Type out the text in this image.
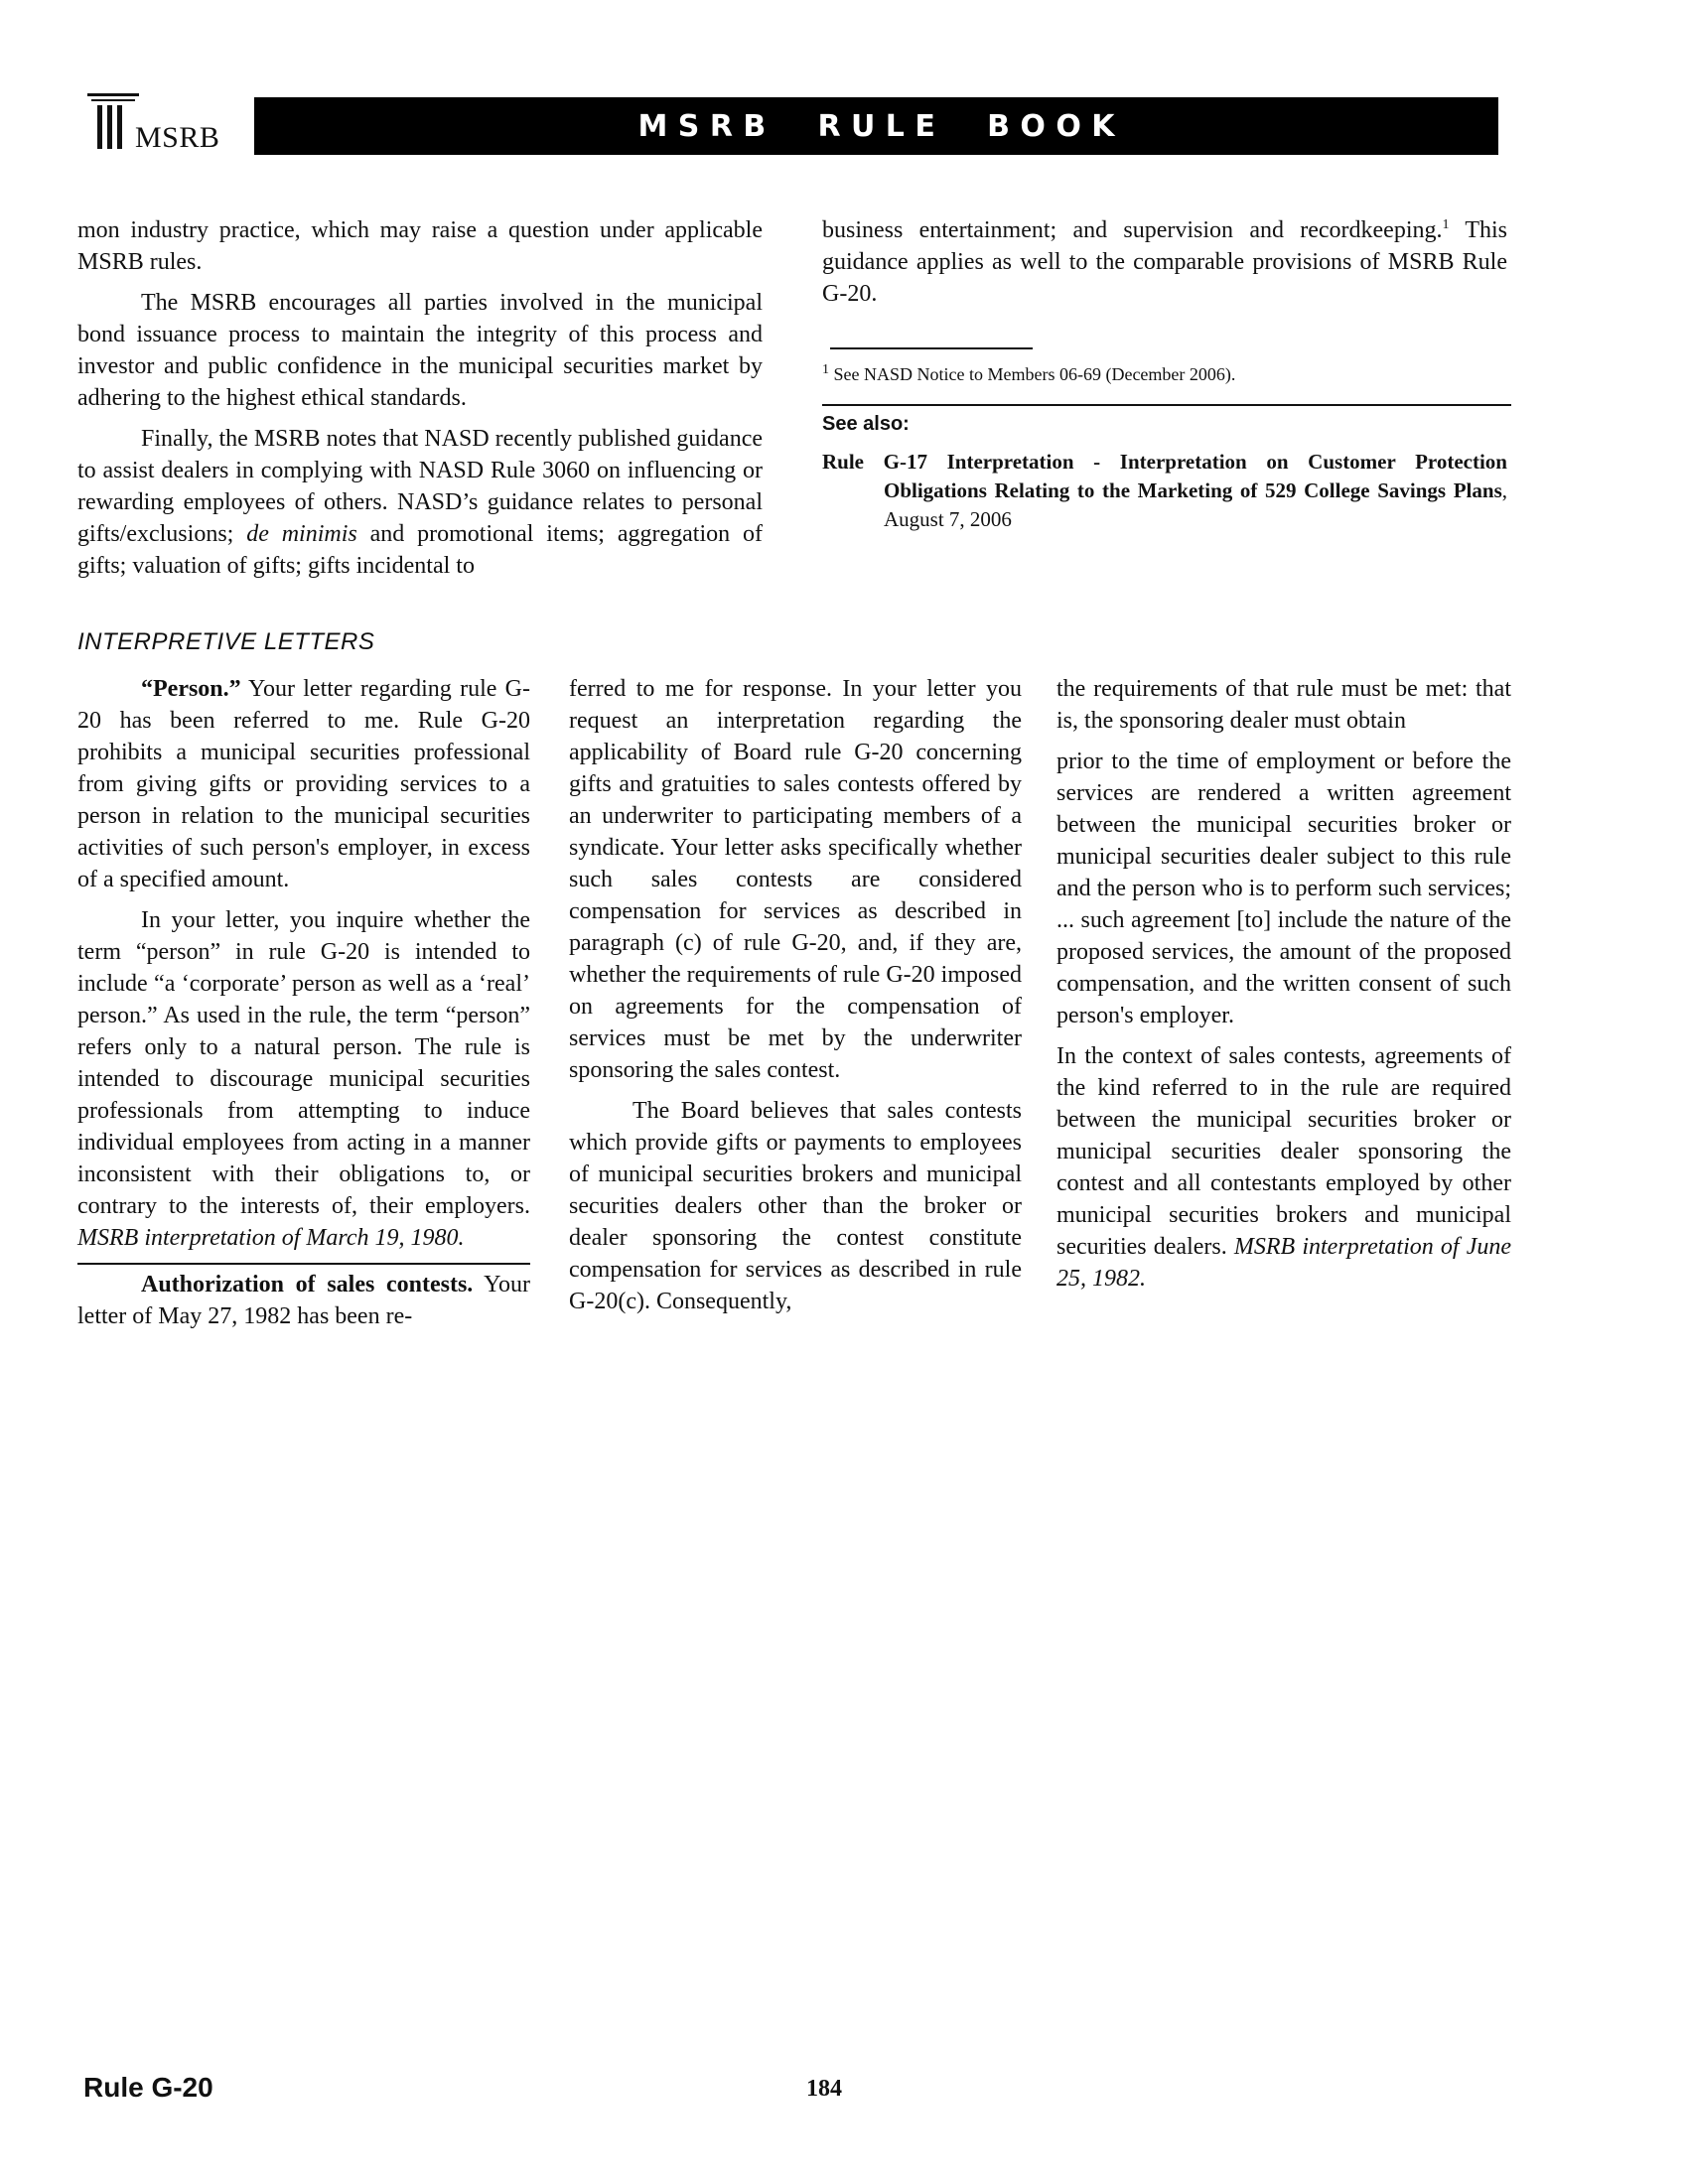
MSRB	M S R B     R U L E     B O O K

mon industry practice, which may raise a question under applicable MSRB rules.

The MSRB encourages all parties involved in the municipal bond issuance process to maintain the integrity of this process and investor and public confidence in the municipal securities market by adhering to the highest ethical standards.

Finally, the MSRB notes that NASD recently published guidance to assist dealers in complying with NASD Rule 3060 on influencing or rewarding employees of others. NASD’s guidance relates to personal gifts/exclusions; de minimis and promotional items; aggregation of gifts; valuation of gifts; gifts incidental to

business entertainment; and supervision and recordkeeping.$^1$ This guidance applies as well to the comparable provisions of MSRB Rule G-20.

$^1$ See NASD Notice to Members 06-69 (December 2006).
See also:

Rule G-17 Interpretation - Interpretation on Customer Protection Obligations Relating to the Marketing of 529 College Savings Plans, August 7, 2006

INTERPRETIVE LETTERS

“Person.” Your letter regarding rule G-20 has been referred to me. Rule G-20 prohibits a municipal securities professional from giving gifts or providing services to a person in relation to the municipal securities activities of such person's employer, in excess of a specified amount.

In your letter, you inquire whether the term “person” in rule G-20 is intended to include “a ‘corporate’ person as well as a ‘real’ person.” As used in the rule, the term “person” refers only to a natural person. The rule is intended to discourage municipal securities professionals from attempting to induce individual employees from acting in a manner inconsistent with their obligations to, or contrary to the interests of, their employers. MSRB interpretation of March 19, 1980.

Authorization of sales contests. Your letter of May 27, 1982 has been re-

ferred to me for response. In your letter you request an interpretation regarding the applicability of Board rule G-20 concerning gifts and gratuities to sales contests offered by an underwriter to participating members of a syndicate. Your letter asks specifically whether such sales contests are considered compensation for services as described in paragraph (c) of rule G-20, and, if they are, whether the requirements of rule G-20 imposed on agreements for the compensation of services must be met by the underwriter sponsoring the sales contest.

The Board believes that sales contests which provide gifts or payments to employees of municipal securities brokers and municipal securities dealers other than the broker or dealer sponsoring the contest constitute compensation for services as described in rule G-20(c). Consequently,

the requirements of that rule must be met: that is, the sponsoring dealer must obtain

prior to the time of employment or before the services are rendered a written agreement between the municipal securities broker or municipal securities dealer subject to this rule and the person who is to perform such services; ... such agreement [to] include the nature of the proposed services, the amount of the proposed compensation, and the written consent of such person's employer.

In the context of sales contests, agreements of the kind referred to in the rule are required between the municipal securities broker or municipal securities dealer sponsoring the contest and all contestants employed by other municipal securities brokers and municipal securities dealers. MSRB interpretation of June 25, 1982.

Rule G-20	184
